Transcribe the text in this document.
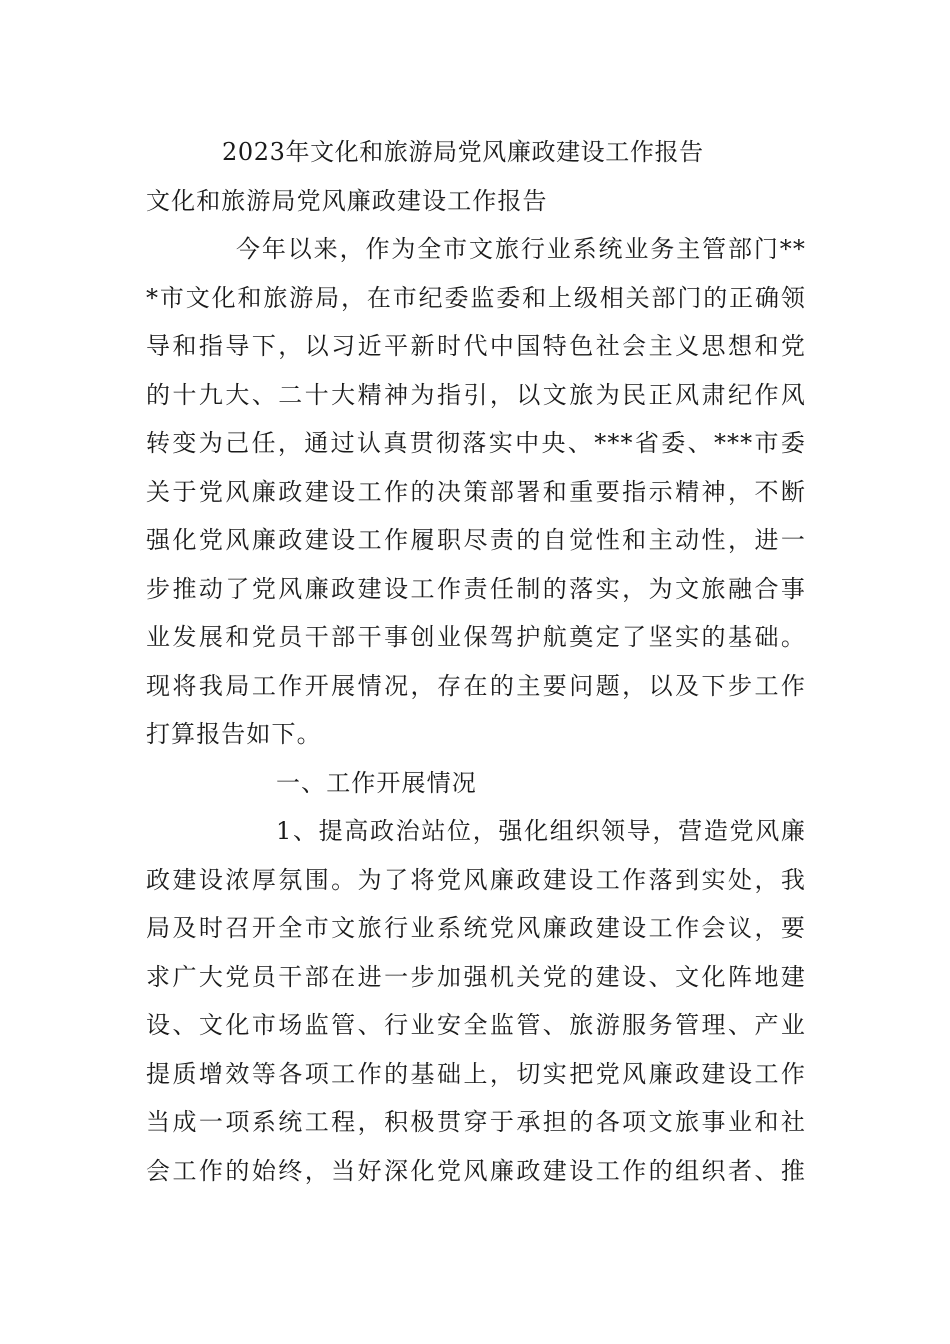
2023年文化和旅游局党风廉政建设工作报告
文化和旅游局党风廉政建设工作报告
今年以来，作为全市文旅行业系统业务主管部门**
*市文化和旅游局，在市纪委监委和上级相关部门的正确领
导和指导下，以习近平新时代中国特色社会主义思想和党
的十九大、二十大精神为指引，以文旅为民正风肃纪作风
转变为己任，通过认真贯彻落实中央、***省委、***市委
关于党风廉政建设工作的决策部署和重要指示精神，不断
强化党风廉政建设工作履职尽责的自觉性和主动性，进一
步推动了党风廉政建设工作责任制的落实，为文旅融合事
业发展和党员干部干事创业保驾护航奠定了坚实的基础。
现将我局工作开展情况，存在的主要问题，以及下步工作
打算报告如下。
一、工作开展情况
1、提高政治站位，强化组织领导，营造党风廉
政建设浓厚氛围。为了将党风廉政建设工作落到实处，我
局及时召开全市文旅行业系统党风廉政建设工作会议，要
求广大党员干部在进一步加强机关党的建设、文化阵地建
设、文化市场监管、行业安全监管、旅游服务管理、产业
提质增效等各项工作的基础上，切实把党风廉政建设工作
当成一项系统工程，积极贯穿于承担的各项文旅事业和社
会工作的始终，当好深化党风廉政建设工作的组织者、推
